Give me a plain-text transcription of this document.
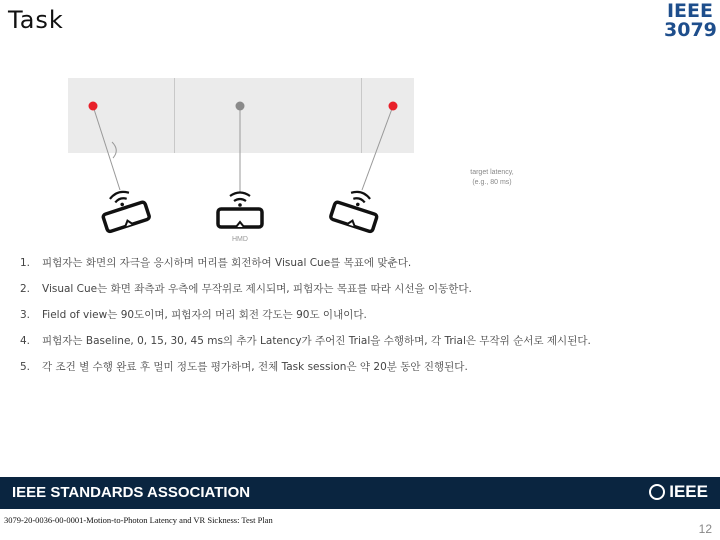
Task	IEEE
3079
target latency,
(e.g., 80 ms)
HMD
1. 피험자는 화면의 자극을 응시하며 머리를 회전하여 Visual Cue를 목표에 맞춘다.
2. Visual Cue는 화면 좌측과 우측에 무작위로 제시되며, 피험자는 목표를 따라 시선을 이동한다.
3. Field of view는 90도이며, 피험자의 머리 회전 각도는 90도 이내이다.
4. 피험자는 Baseline, 0, 15, 30, 45 ms의 추가 Latency가 주어진 Trial을 수행하며, 각 Trial은 무작위 순서로 제시된다.
5. 각 조건 별 수행 완료 후 멀미 정도를 평가하며, 전체 Task session은 약 20분 동안 진행된다.
IEEE STANDARDS ASSOCIATION	IEEE
3079-20-0036-00-0001-Motion-to-Photon Latency and VR Sickness: Test Plan
12
